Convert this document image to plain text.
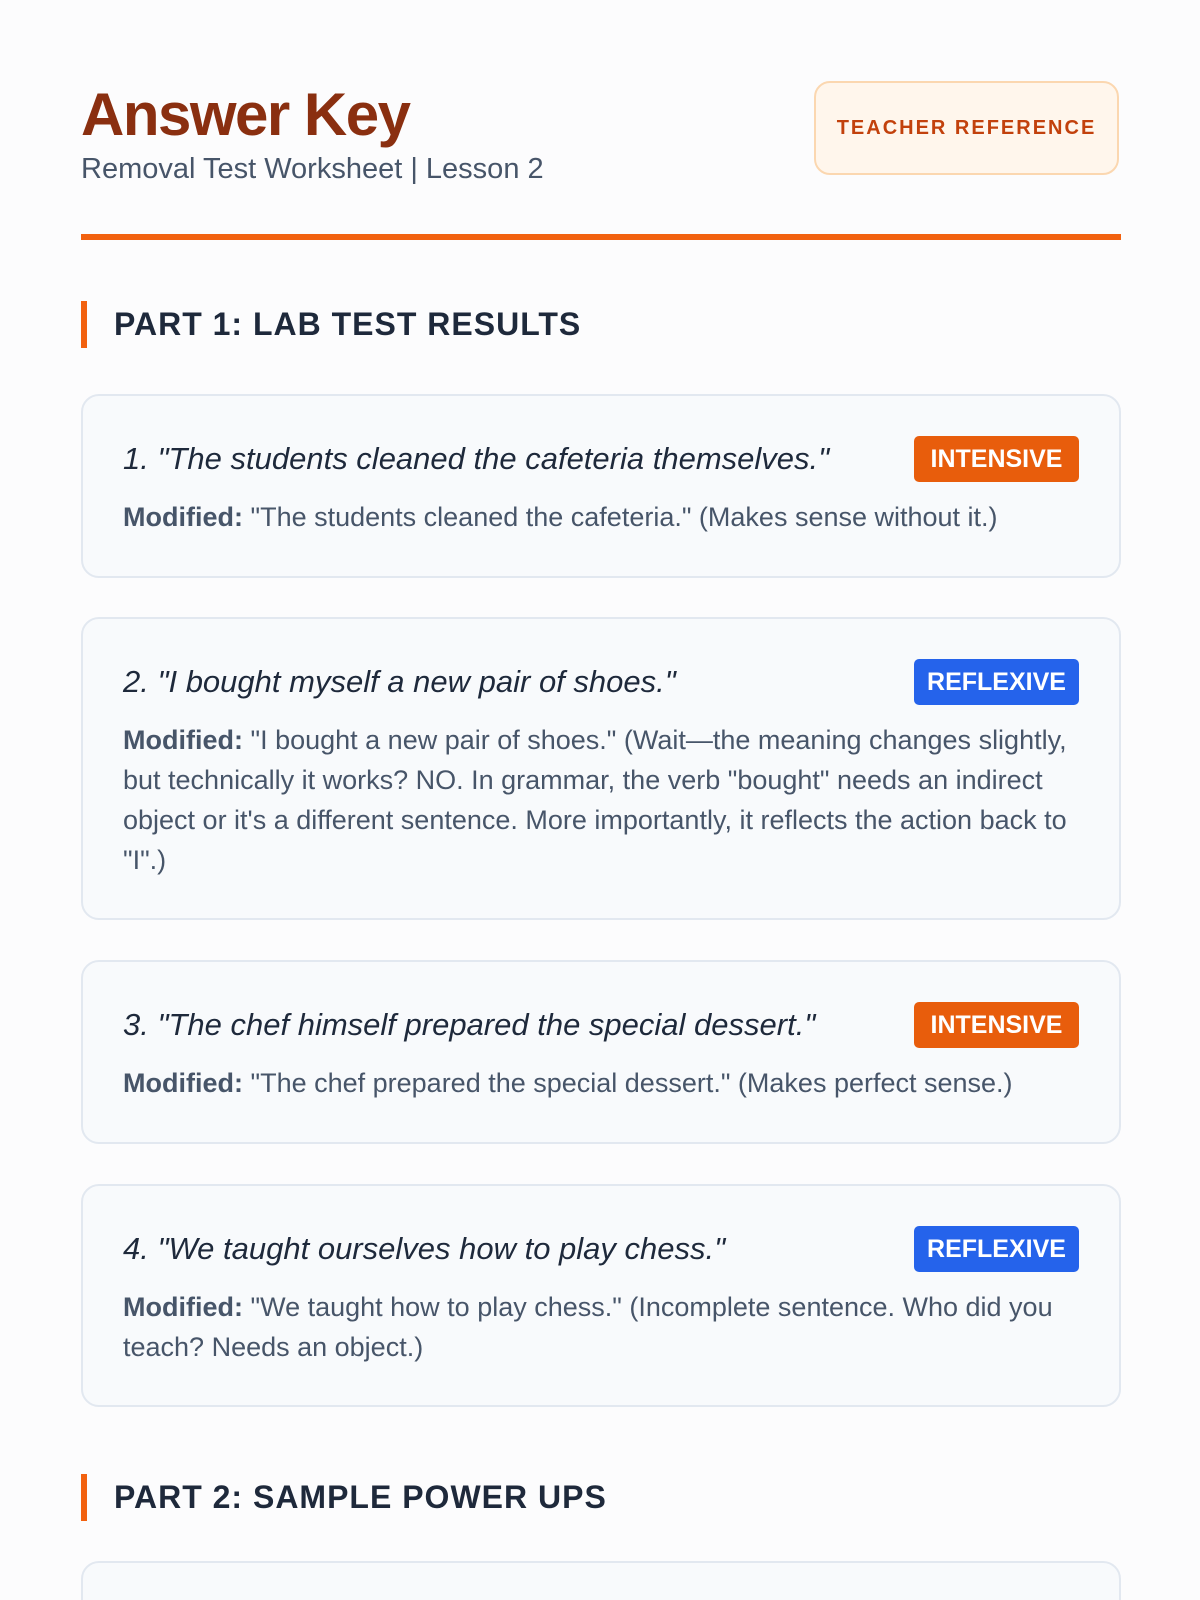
Answer Key
Removal Test Worksheet | Lesson 2
TEACHER REFERENCE
PART 1: LAB TEST RESULTS
1. "The students cleaned the cafeteria themselves."	INTENSIVE
Modified: "The students cleaned the cafeteria." (Makes sense without it.)
2. "I bought myself a new pair of shoes."	REFLEXIVE
Modified: "I bought a new pair of shoes." (Wait—the meaning changes slightly, but technically it works? NO. In grammar, the verb "bought" needs an indirect object or it's a different sentence. More importantly, it reflects the action back to "I".)
3. "The chef himself prepared the special dessert."	INTENSIVE
Modified: "The chef prepared the special dessert." (Makes perfect sense.)
4. "We taught ourselves how to play chess."	REFLEXIVE
Modified: "We taught how to play chess." (Incomplete sentence. Who did you teach? Needs an object.)
PART 2: SAMPLE POWER UPS
